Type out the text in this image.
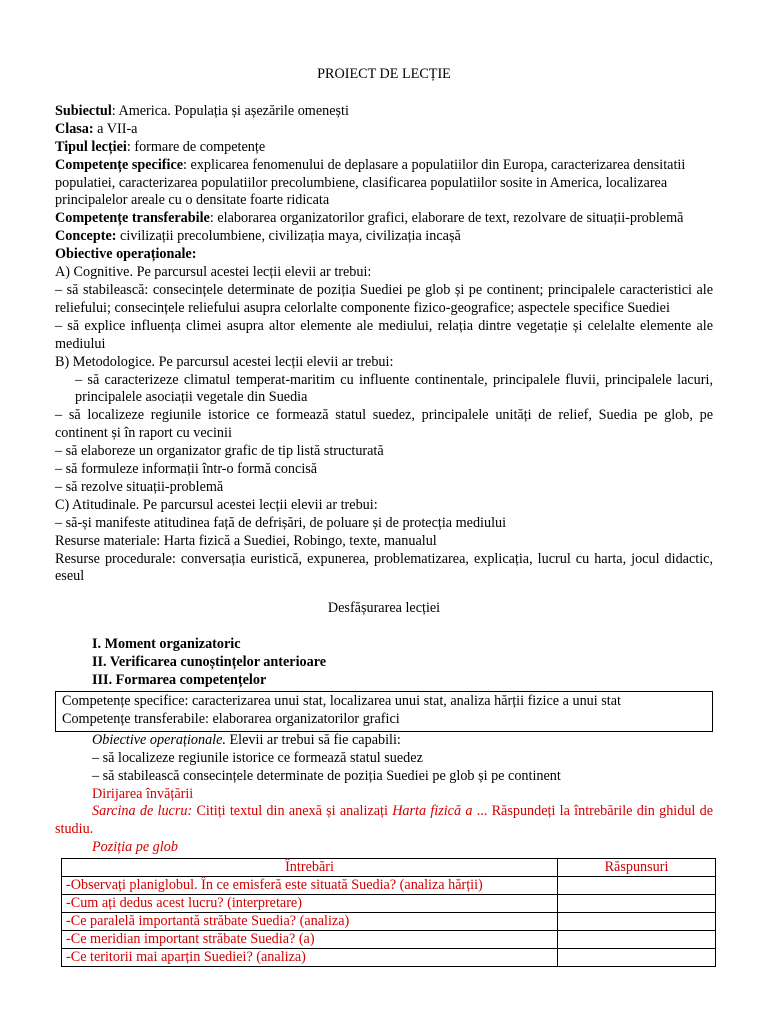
PROIECT DE LECȚIE

Subiectul: America. Populația și așezările omenești

Clasa: a VII-a

Tipul lecției: formare de competențe

Competențe specifice: explicarea fenomenului de deplasare a populatiilor din Europa, caracterizarea densitatii populatiei, caracterizarea populatiilor precolumbiene, clasificarea populatiilor sosite in America, localizarea principalelor areale cu o densitate foarte ridicata

Competențe transferabile: elaborarea organizatorilor grafici, elaborare de text, rezolvare de situații-problemă

Concepte: civilizații precolumbiene, civilizația maya, civilizația incașă

Obiective operaționale:

A) Cognitive. Pe parcursul acestei lecții elevii ar trebui:

– să stabilească: consecințele determinate de poziția Suediei pe glob și pe continent; principalele caracteristici ale reliefului; consecințele reliefului asupra celorlalte componente fizico-geografice; aspectele specifice Suediei

– să explice influența climei asupra altor elemente ale mediului, relația dintre vegetație și celelalte elemente ale mediului

B) Metodologice. Pe parcursul acestei lecții elevii ar trebui:

– să caracterizeze climatul temperat-maritim cu influente continentale, principalele fluvii, principalele lacuri, principalele asociații vegetale din Suedia

– să localizeze regiunile istorice ce formează statul suedez, principalele unități de relief, Suedia pe glob, pe continent și în raport cu vecinii

– să elaboreze un organizator grafic de tip listă structurată

– să formuleze informații într-o formă concisă

– să rezolve situații-problemă

C) Atitudinale. Pe parcursul acestei lecții elevii ar trebui:

– să-și manifeste atitudinea față de defrișări, de poluare și de protecția mediului

Resurse materiale: Harta fizică a Suediei, Robingo, texte, manualul

Resurse procedurale: conversația euristică, expunerea, problematizarea, explicația, lucrul cu harta, jocul didactic, eseul

Desfășurarea lecției

I. Moment organizatoric

II. Verificarea cunoștințelor anterioare

III. Formarea competențelor

Competențe specifice: caracterizarea unui stat, localizarea unui stat, analiza hărții fizice a unui stat

Competențe transferabile: elaborarea organizatorilor grafici

Obiective operaționale. Elevii ar trebui să fie capabili:

– să localizeze regiunile istorice ce formează statul suedez

– să stabilească consecințele determinate de poziția Suediei pe glob și pe continent

Dirijarea învățării

Sarcina de lucru: Citiți textul din anexă și analizați Harta fizică a ... Răspundeți la întrebările din ghidul de studiu.

Poziția pe glob

Întrebări	Răspunsuri
-Observați planiglobul. În ce emisferă este situată Suedia? (analiza hărții)	
-Cum ați dedus acest lucru? (interpretare)	
-Ce paralelă importantă străbate Suedia? (analiza)	
-Ce meridian important străbate Suedia? (a)	
-Ce teritorii mai aparțin Suediei? (analiza)	
